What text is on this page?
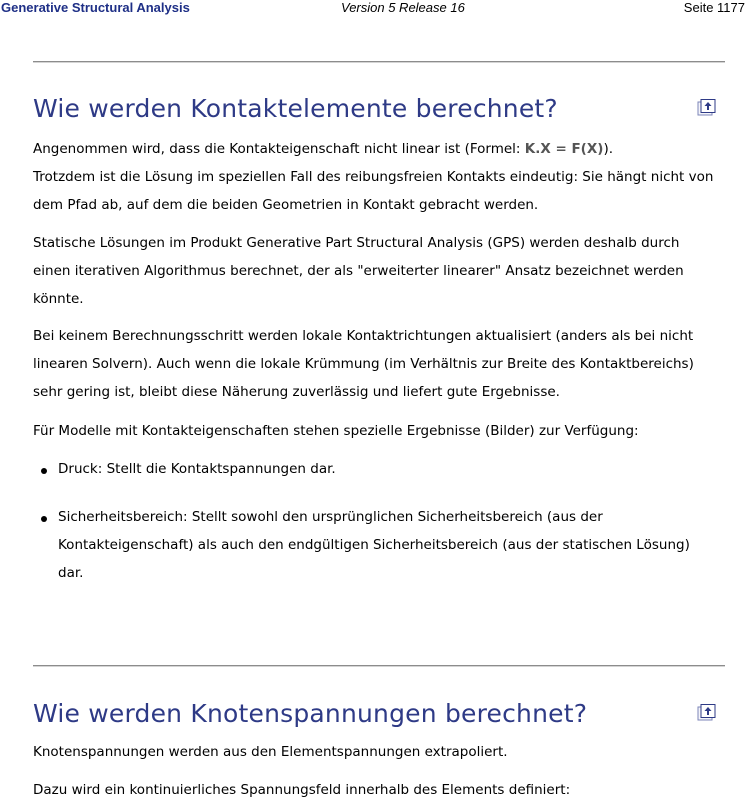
Generative Structural Analysis	Version 5 Release 16	Seite 1177
Wie werden Kontaktelemente berechnet?

Angenommen wird, dass die Kontakteigenschaft nicht linear ist (Formel: K.X = F(X)).

Trotzdem ist die Lösung im speziellen Fall des reibungsfreien Kontakts eindeutig: Sie hängt nicht von dem Pfad ab, auf dem die beiden Geometrien in Kontakt gebracht werden.

Statische Lösungen im Produkt Generative Part Structural Analysis (GPS) werden deshalb durch einen iterativen Algorithmus berechnet, der als "erweiterter linearer" Ansatz bezeichnet werden könnte.

Bei keinem Berechnungsschritt werden lokale Kontaktrichtungen aktualisiert (anders als bei nicht linearen Solvern). Auch wenn die lokale Krümmung (im Verhältnis zur Breite des Kontaktbereichs) sehr gering ist, bleibt diese Näherung zuverlässig und liefert gute Ergebnisse.

Für Modelle mit Kontakteigenschaften stehen spezielle Ergebnisse (Bilder) zur Verfügung:

Druck: Stellt die Kontaktspannungen dar.

Sicherheitsbereich: Stellt sowohl den ursprünglichen Sicherheitsbereich (aus der Kontakteigenschaft) als auch den endgültigen Sicherheitsbereich (aus der statischen Lösung) dar.

Wie werden Knotenspannungen berechnet?

Knotenspannungen werden aus den Elementspannungen extrapoliert.

Dazu wird ein kontinuierliches Spannungsfeld innerhalb des Elements definiert:
